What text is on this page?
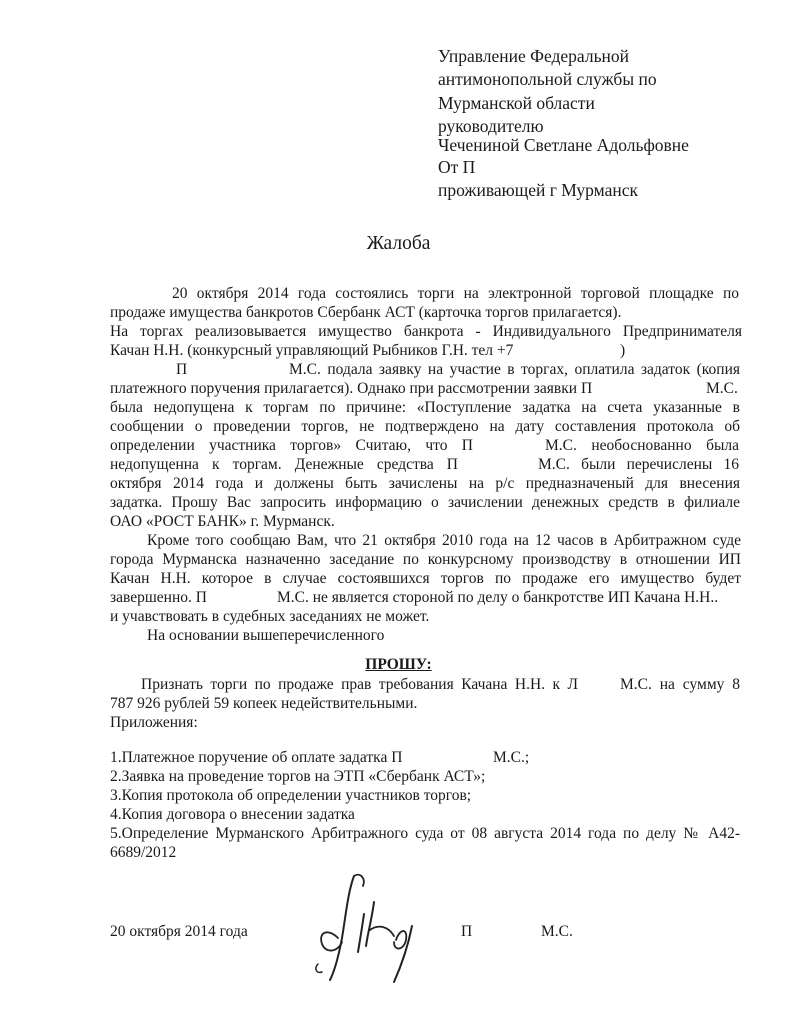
Управление Федеральной
антимонопольной службы по
Мурманской области
руководителю
Чечениной Светлане Адольфовне
От П
проживающей г Мурманск
Жалоба
20 октября 2014 года состоялись торги на электронной торговой площадке по
продаже имущества банкротов Сбербанк АСТ (карточка торгов прилагается).
На торгах реализовывается имущество банкрота - Индивидуального Предпринимателя
Качан Н.Н. (конкурсный управляющий Рыбников Г.Н. тел +7	)
П	М.С. подала заявку на участие в торгах, оплатила задаток (копия
платежного поручения прилагается). Однако при рассмотрении заявки П	М.С.
была недопущена к торгам по причине: «Поступление задатка на счета указанные в
сообщении о проведении торгов, не подтверждено на дату составления протокола об
определении участника торгов» Считаю, что П	М.С. необоснованно была
недопущенна к торгам. Денежные средства П	М.С. были перечислены 16
октября 2014 года и должены быть зачислены на р/с предназначеный для внесения
задатка. Прошу Вас запросить информацию о зачислении денежных средств в филиале
ОАО «РОСТ БАНК» г. Мурманск.
Кроме того сообщаю Вам, что 21 октября 2010 года на 12 часов в Арбитражном суде
города Мурманска назначенно заседание по конкурсному производству в отношении ИП
Качан Н.Н. которое в случае состоявшихся торгов по продаже его имущество будет
завершенно. П	М.С. не является стороной по делу о банкротстве ИП Качана Н.Н..
и учавствовать в судебных заседаниях не может.
На основании вышеперечисленного
ПРОШУ:
Признать торги по продаже прав требования Качана Н.Н. к Л	М.С. на сумму 8
787 926 рублей 59 копеек недействительными.
Приложения:
1.Платежное поручение об оплате задатка П	М.С.;
2.Заявка на проведение торгов на ЭТП «Сбербанк АСТ»;
3.Копия протокола об определении участников торгов;
4.Копия договора о внесении задатка
5.Определение Мурманского Арбитражного суда от 08 августа 2014 года по делу № А42-
6689/2012
20 октября 2014 года	П	М.С.
